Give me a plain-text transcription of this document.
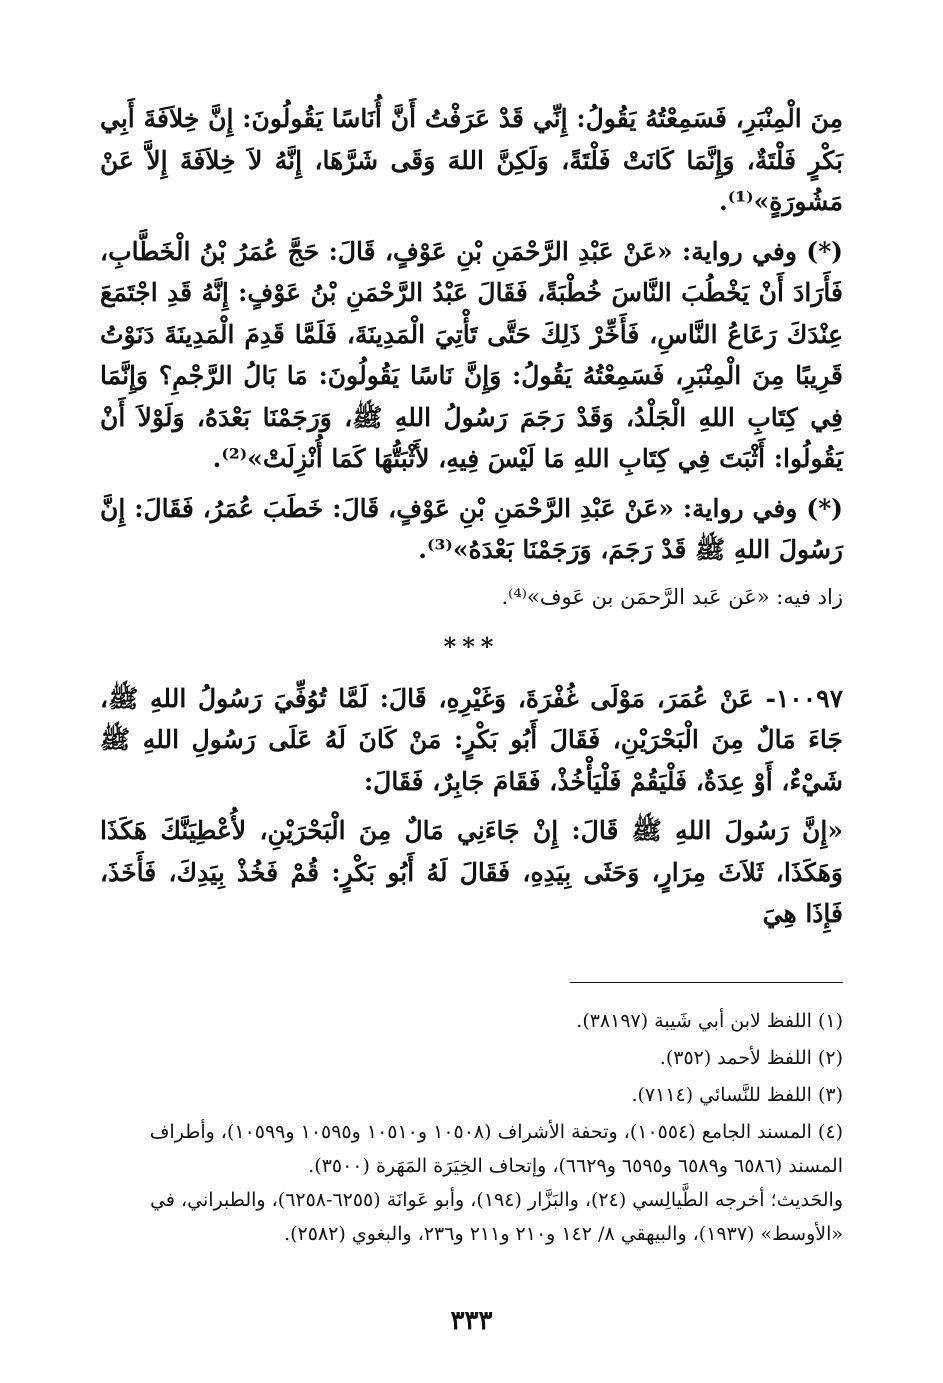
مِنَ الْمِنْبَرِ، فَسَمِعْتُهُ يَقُولُ: إِنِّي قَدْ عَرَفْتُ أَنَّ أُنَاسًا يَقُولُونَ: إِنَّ خِلاَفَةَ أَبِي بَكْرٍ فَلْتَةٌ، وَإِنَّمَا كَانَتْ فَلْتَةً، وَلَكِنَّ اللهَ وَقَى شَرَّهَا، إِنَّهُ لاَ خِلاَفَةَ إِلاَّ عَنْ مَشُورَةٍ»⁽¹⁾.

(*) وفي رواية: «عَنْ عَبْدِ الرَّحْمَنِ بْنِ عَوْفٍ، قَالَ: حَجَّ عُمَرُ بْنُ الْخَطَّابِ، فَأَرَادَ أَنْ يَخْطُبَ النَّاسَ خُطْبَةً، فَقَالَ عَبْدُ الرَّحْمَنِ بْنُ عَوْفٍ: إِنَّهُ قَدِ اجْتَمَعَ عِنْدَكَ رَعَاعُ النَّاسِ، فَأَخِّرْ ذَلِكَ حَتَّى تَأْتِيَ الْمَدِينَةَ، فَلَمَّا قَدِمَ الْمَدِينَةَ دَنَوْتُ قَرِيبًا مِنَ الْمِنْبَرِ، فَسَمِعْتُهُ يَقُولُ: وَإِنَّ نَاسًا يَقُولُونَ: مَا بَالُ الرَّجْمِ؟ وَإِنَّمَا فِي كِتَابِ اللهِ الْجَلْدُ، وَقَدْ رَجَمَ رَسُولُ اللهِ ﷺ، وَرَجَمْنَا بَعْدَهُ، وَلَوْلاَ أَنْ يَقُولُوا: أَثْبَتَ فِي كِتَابِ اللهِ مَا لَيْسَ فِيهِ، لأَثْبَتُّهَا كَمَا أُنْزِلَتْ»⁽²⁾.

(*) وفي رواية: «عَنْ عَبْدِ الرَّحْمَنِ بْنِ عَوْفٍ، قَالَ: خَطَبَ عُمَرُ، فَقَالَ: إِنَّ رَسُولَ اللهِ ﷺ قَدْ رَجَمَ، وَرَجَمْنَا بَعْدَهُ»⁽³⁾.

زاد فيه: «عَن عَبد الرَّحمَن بن عَوف»⁽⁴⁾.

***

١٠٠٩٧- عَنْ عُمَرَ، مَوْلَى غُفْرَةَ، وَغَيْرِهِ، قَالَ: لَمَّا تُوُفِّيَ رَسُولُ اللهِ ﷺ، جَاءَ مَالٌ مِنَ الْبَحْرَيْنِ، فَقَالَ أَبُو بَكْرٍ: مَنْ كَانَ لَهُ عَلَى رَسُولِ اللهِ ﷺ شَيْءٌ، أَوْ عِدَةٌ، فَلْيَقُمْ فَلْيَأْخُذْ، فَقَامَ جَابِرٌ، فَقَالَ:

«إِنَّ رَسُولَ اللهِ ﷺ قَالَ: إِنْ جَاءَنِي مَالٌ مِنَ الْبَحْرَيْنِ، لأُعْطِيَنَّكَ هَكَذَا وَهَكَذَا، ثَلاَثَ مِرَارٍ، وَحَثَى بِيَدِهِ، فَقَالَ لَهُ أَبُو بَكْرٍ: قُمْ فَخُذْ بِيَدِكَ، فَأَخَذَ، فَإِذَا هِيَ

(١) اللفظ لابن أبي شَيبة (٣٨١٩٧).

(٢) اللفظ لأحمد (٣٥٢).

(٣) اللفظ للنَّسائي (٧١١٤).

(٤) المسند الجامع (١٠٥٥٤)، وتحفة الأشراف (١٠٥٠٨ و١٠٥١٠ و١٠٥٩٥ و١٠٥٩٩)، وأطراف المسند (٦٥٨٦ و٦٥٨٩ و٦٥٩٥ و٦٦٢٩)، وإتحاف الخِيَرَة المَهَرة (٣٥٠٠).

والحَديث؛ أخرجه الطَّيالِسي (٢٤)، والبَزَّار (١٩٤)، وأبو عَوانَة (٦٢٥٥-٦٢٥٨)، والطبراني، في «الأوسط» (١٩٣٧)، والبيهقي ٨/ ١٤٢ و٢١٠ و٢١١ و٢٣٦، والبغوي (٢٥٨٢).

٣٣٣
